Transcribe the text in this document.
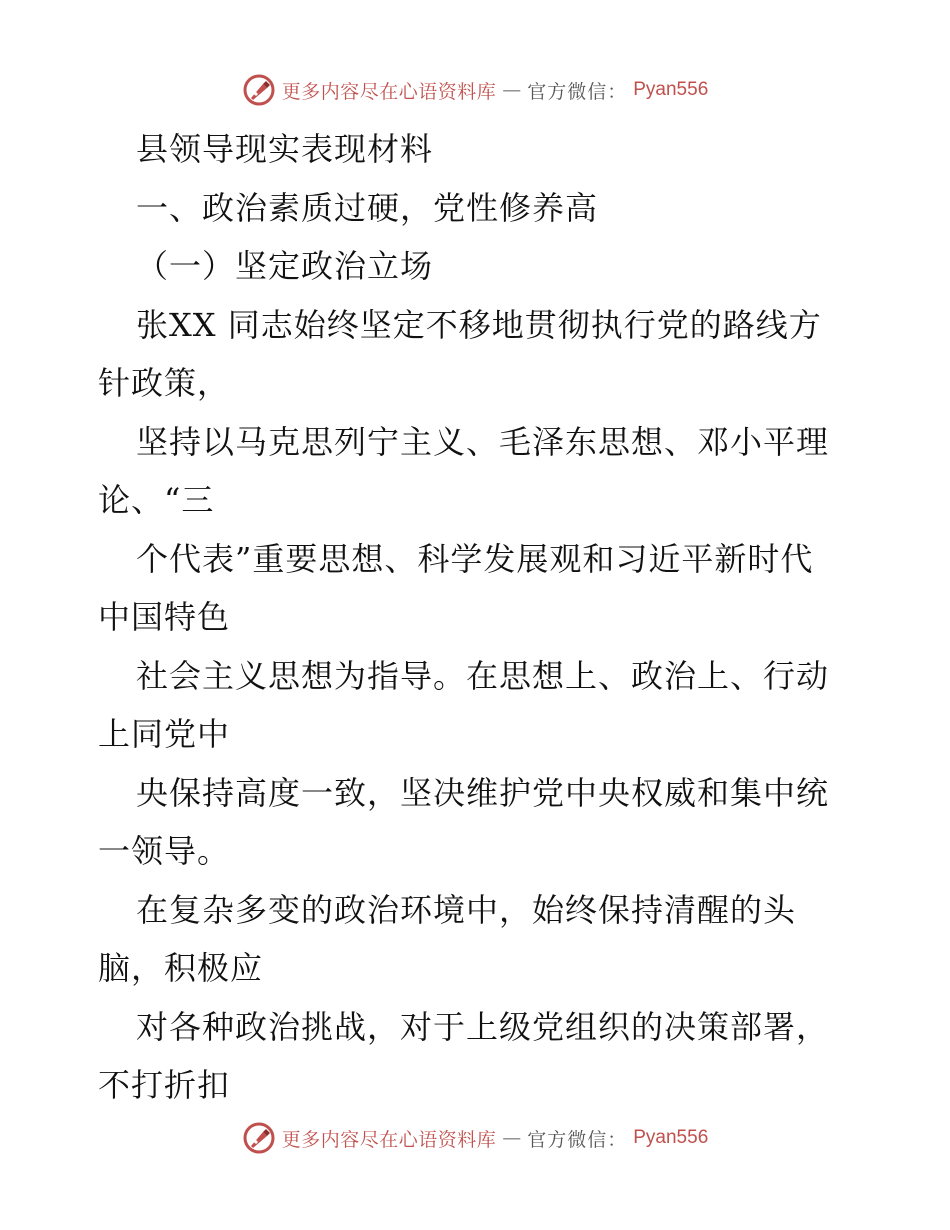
更多内容尽在心语资料库 — 官方微信： Pyan556
县领导现实表现材料
一、政治素质过硬，党性修养高
（一）坚定政治立场
张XX 同志始终坚定不移地贯彻执行党的路线方
针政策，
坚持以马克思列宁主义、毛泽东思想、邓小平理
论、“三
个代表”重要思想、科学发展观和习近平新时代
中国特色
社会主义思想为指导。在思想上、政治上、行动
上同党中
央保持高度一致，坚决维护党中央权威和集中统
一领导。
在复杂多变的政治环境中，始终保持清醒的头
脑，积极应
对各种政治挑战，对于上级党组织的决策部署，
不打折扣
更多内容尽在心语资料库 — 官方微信： Pyan556
